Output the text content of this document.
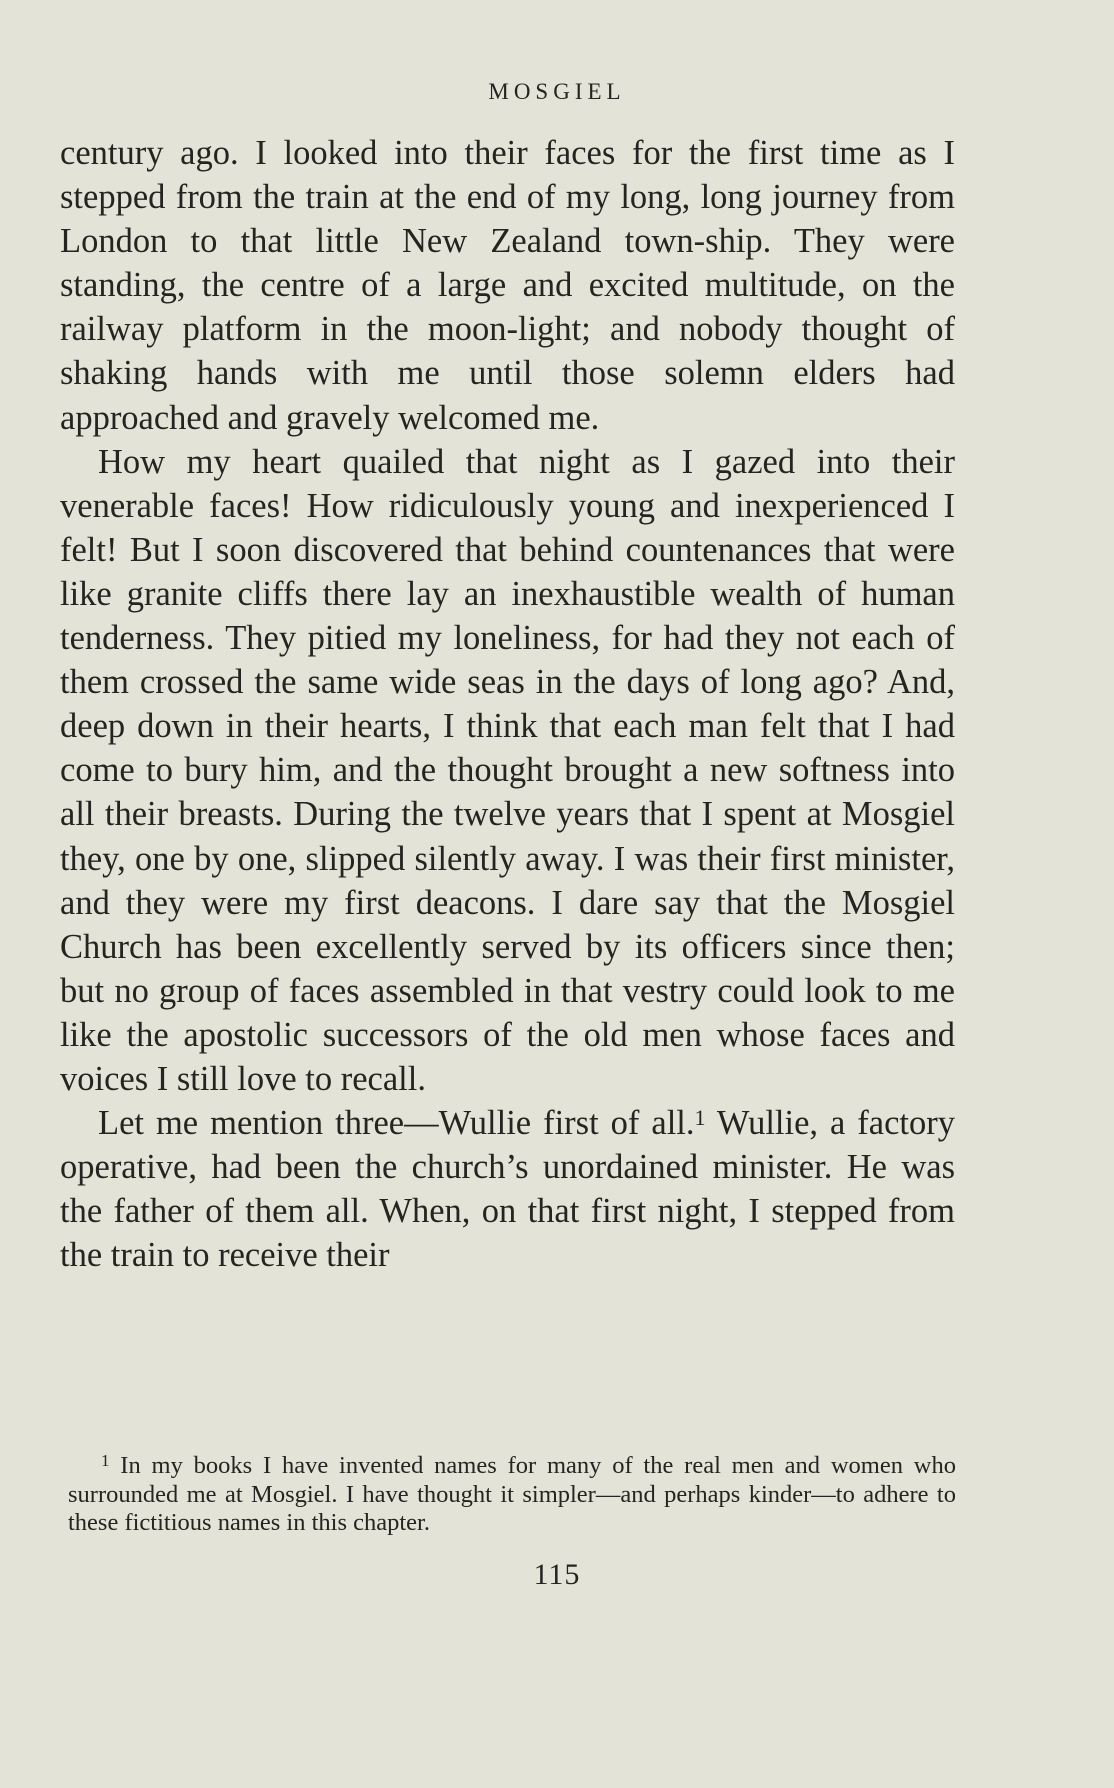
MOSGIEL

century ago. I looked into their faces for the first time as I stepped from the train at the end of my long, long journey from London to that little New Zealand town-ship. They were standing, the centre of a large and excited multitude, on the railway platform in the moon-light; and nobody thought of shaking hands with me until those solemn elders had approached and gravely welcomed me.

How my heart quailed that night as I gazed into their venerable faces! How ridiculously young and inexperienced I felt! But I soon discovered that behind countenances that were like granite cliffs there lay an inexhaustible wealth of human tenderness. They pitied my loneliness, for had they not each of them crossed the same wide seas in the days of long ago? And, deep down in their hearts, I think that each man felt that I had come to bury him, and the thought brought a new softness into all their breasts. During the twelve years that I spent at Mosgiel they, one by one, slipped silently away. I was their first minister, and they were my first deacons. I dare say that the Mosgiel Church has been excellently served by its officers since then; but no group of faces assembled in that vestry could look to me like the apostolic successors of the old men whose faces and voices I still love to recall.

Let me mention three—Wullie first of all.$^1$ Wullie, a factory operative, had been the church’s unordained minister. He was the father of them all. When, on that first night, I stepped from the train to receive their

$^1$ In my books I have invented names for many of the real men and women who surrounded me at Mosgiel. I have thought it simpler—and perhaps kinder—to adhere to these fictitious names in this chapter.

115
